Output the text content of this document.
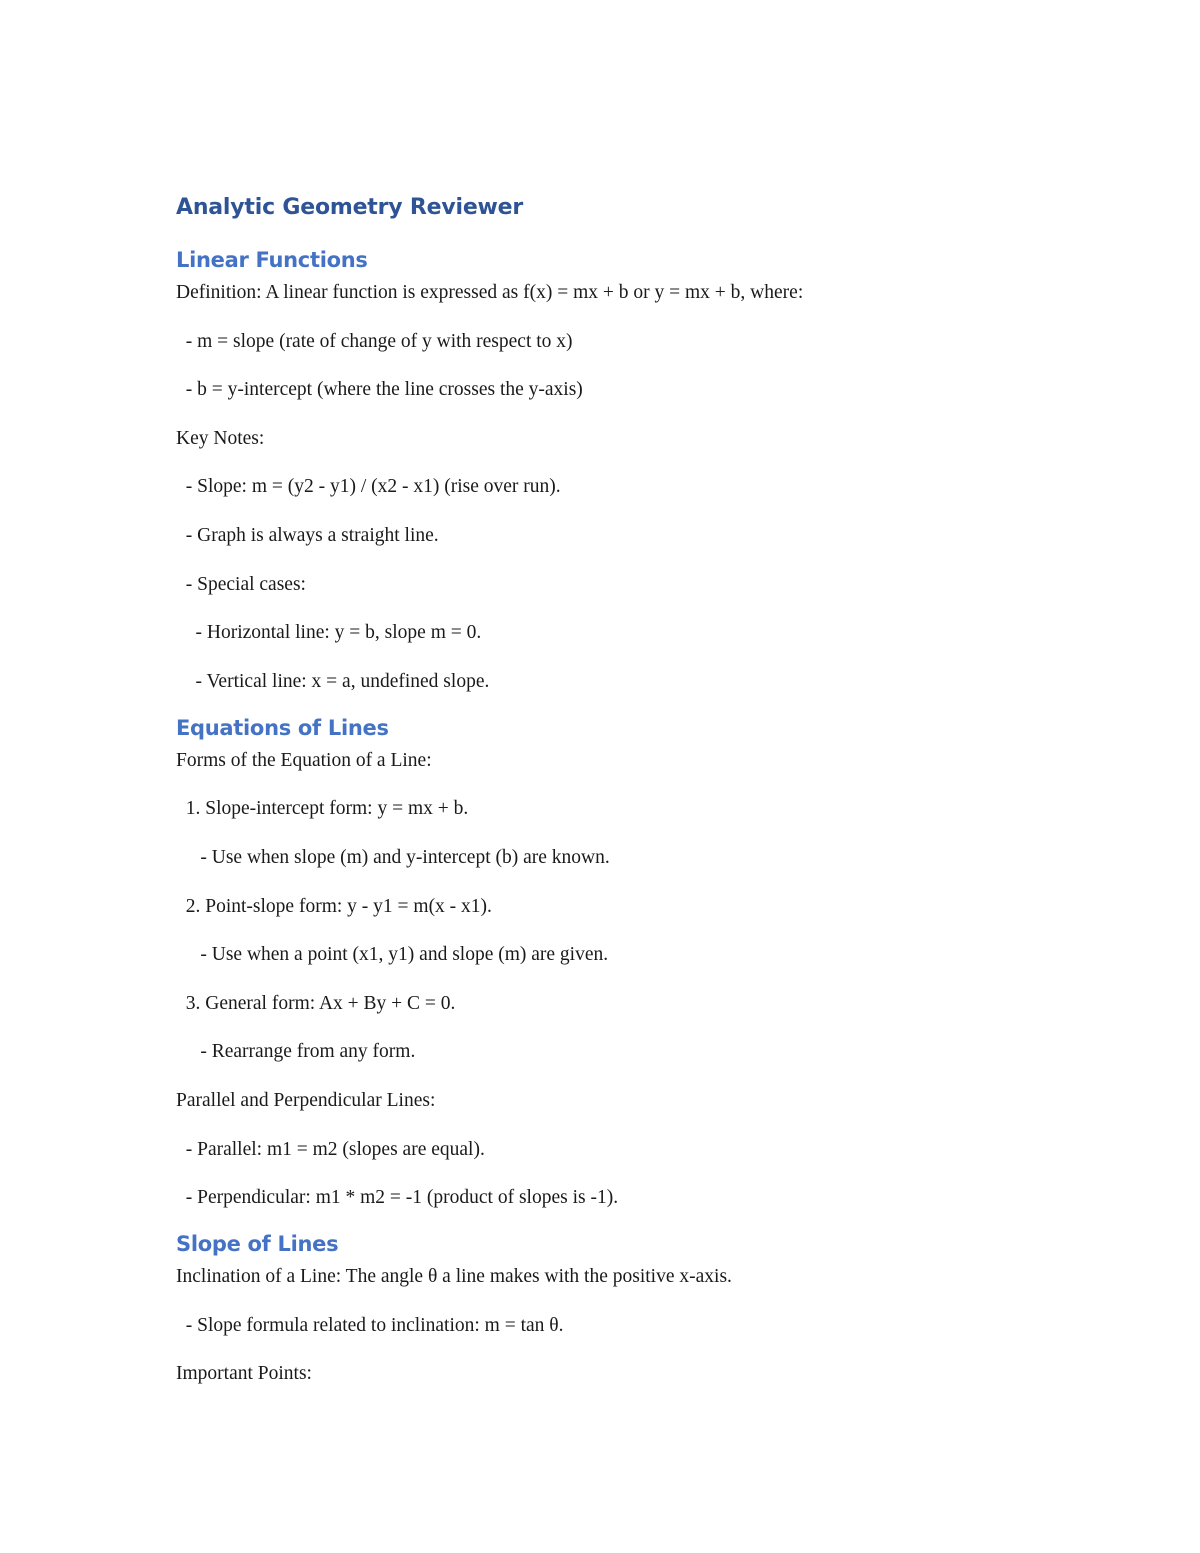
Analytic Geometry Reviewer
Linear Functions

Definition: A linear function is expressed as f(x) = mx + b or y = mx + b, where:

- m = slope (rate of change of y with respect to x)

- b = y-intercept (where the line crosses the y-axis)

Key Notes:

- Slope: m = (y2 - y1) / (x2 - x1) (rise over run).

- Graph is always a straight line.

- Special cases:

- Horizontal line: y = b, slope m = 0.

- Vertical line: x = a, undefined slope.

Equations of Lines

Forms of the Equation of a Line:

1. Slope-intercept form: y = mx + b.

- Use when slope (m) and y-intercept (b) are known.

2. Point-slope form: y - y1 = m(x - x1).

- Use when a point (x1, y1) and slope (m) are given.

3. General form: Ax + By + C = 0.

- Rearrange from any form.

Parallel and Perpendicular Lines:

- Parallel: m1 = m2 (slopes are equal).

- Perpendicular: m1 * m2 = -1 (product of slopes is -1).

Slope of Lines

Inclination of a Line: The angle θ a line makes with the positive x-axis.

- Slope formula related to inclination: m = tan θ.

Important Points:
